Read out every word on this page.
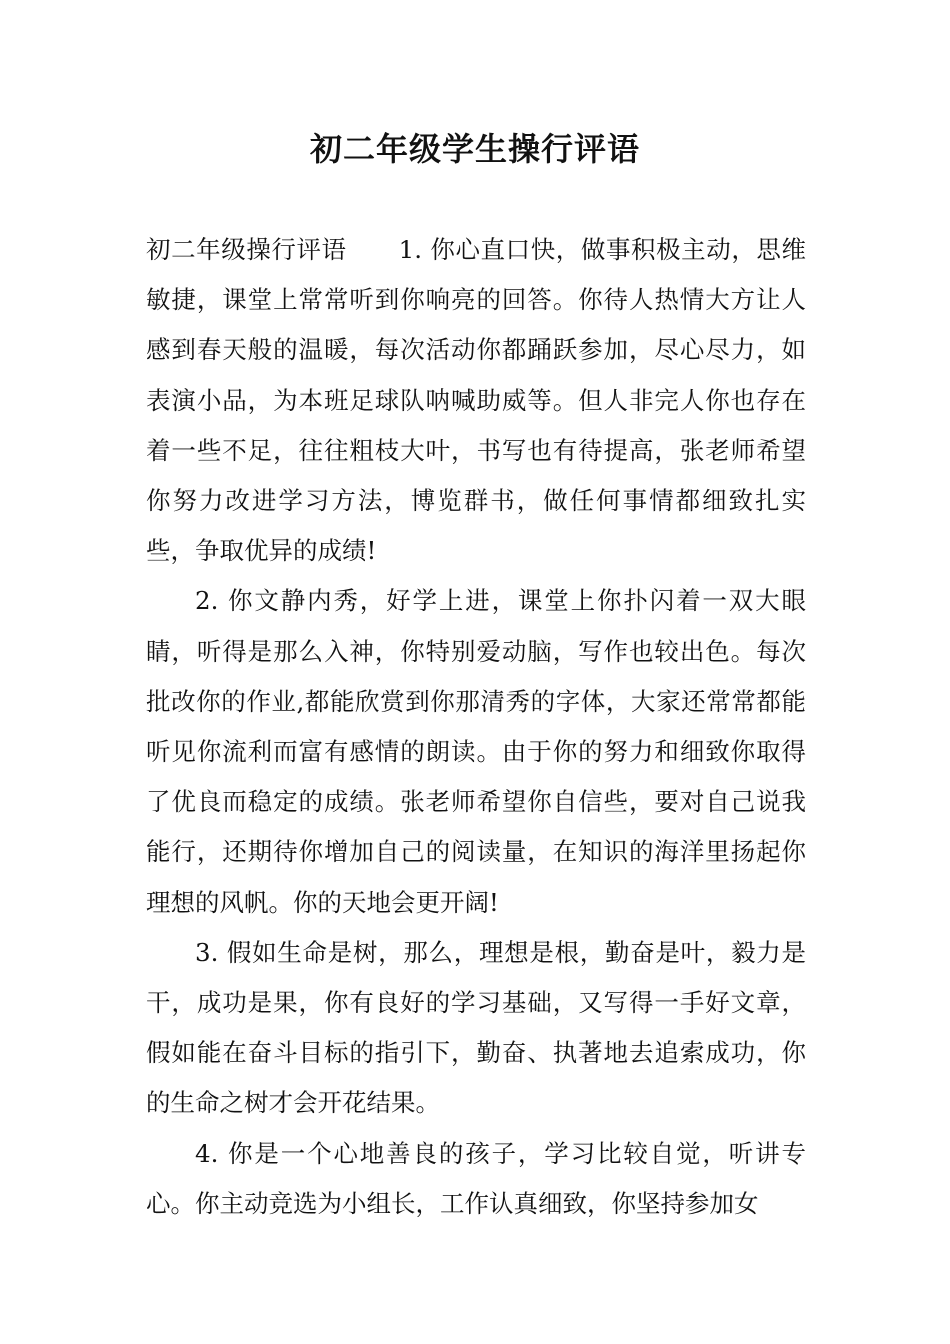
初二年级学生操行评语

初二年级操行评语 1. 你心直口快，做事积极主动，思维敏捷，课堂上常常听到你响亮的回答。你待人热情大方让人感到春天般的温暖，每次活动你都踊跃参加，尽心尽力，如表演小品，为本班足球队呐喊助威等。但人非完人你也存在着一些不足，往往粗枝大叶，书写也有待提高，张老师希望你努力改进学习方法，博览群书，做任何事情都细致扎实些，争取优异的成绩!

2. 你文静内秀，好学上进，课堂上你扑闪着一双大眼睛，听得是那么入神，你特别爱动脑，写作也较出色。每次批改你的作业,都能欣赏到你那清秀的字体，大家还常常都能听见你流利而富有感情的朗读。由于你的努力和细致你取得了优良而稳定的成绩。张老师希望你自信些，要对自己说我能行，还期待你增加自己的阅读量，在知识的海洋里扬起你理想的风帆。你的天地会更开阔!

3. 假如生命是树，那么，理想是根，勤奋是叶，毅力是干，成功是果，你有良好的学习基础，又写得一手好文章，假如能在奋斗目标的指引下，勤奋、执著地去追索成功，你的生命之树才会开花结果。

4. 你是一个心地善良的孩子，学习比较自觉，听讲专心。你主动竞选为小组长，工作认真细致，你坚持参加女
